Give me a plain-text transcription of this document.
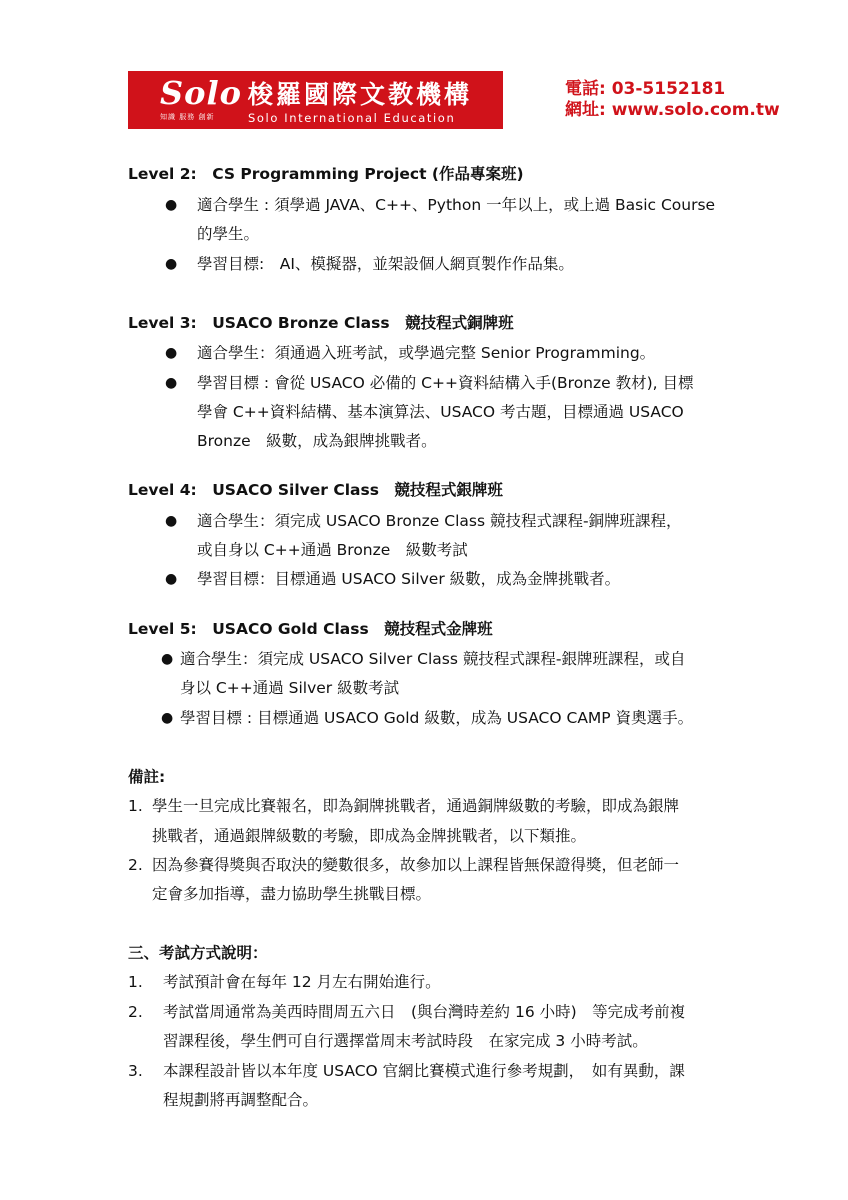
Solo
知識 服務 創新
梭羅國際文教機構
Solo International Education
電話: 03-5152181
網址: www.solo.com.tw
Level 2:　CS Programming Project (作品專案班)
● 適合學生 : 須學過 JAVA、C++、Python 一年以上，或上過 Basic Course
的學生。
● 學習目標:　AI、模擬器，並架設個人網頁製作作品集。
Level 3:　USACO Bronze Class　競技程式銅牌班
● 適合學生：須通過入班考試，或學過完整 Senior Programming。
● 學習目標 : 會從 USACO 必備的 C++資料結構入手(Bronze 教材), 目標
學會 C++資料結構、基本演算法、USACO 考古題，目標通過 USACO
Bronze　級數，成為銀牌挑戰者。
Level 4:　USACO Silver Class　競技程式銀牌班
● 適合學生：須完成 USACO Bronze Class 競技程式課程-銅牌班課程，
或自身以 C++通過 Bronze　級數考試
● 學習目標：目標通過 USACO Silver 級數，成為金牌挑戰者。
Level 5:　USACO Gold Class　競技程式金牌班
● 適合學生：須完成 USACO Silver Class 競技程式課程-銀牌班課程，或自
身以 C++通過 Silver 級數考試
● 學習目標 : 目標通過 USACO Gold 級數，成為 USACO CAMP 資奧選手。
備註:
1. 學生一旦完成比賽報名，即為銅牌挑戰者，通過銅牌級數的考驗，即成為銀牌
挑戰者，通過銀牌級數的考驗，即成為金牌挑戰者，以下類推。
2. 因為參賽得獎與否取決的變數很多，故參加以上課程皆無保證得獎，但老師一
定會多加指導，盡力協助學生挑戰目標。
三、考試方式說明：
1. 考試預計會在每年 12 月左右開始進行。
2. 考試當周通常為美西時間周五六日　(與台灣時差約 16 小時)　等完成考前複
習課程後，學生們可自行選擇當周末考試時段　在家完成 3 小時考試。
3. 本課程設計皆以本年度 USACO 官網比賽模式進行參考規劃，　如有異動，課
程規劃將再調整配合。
